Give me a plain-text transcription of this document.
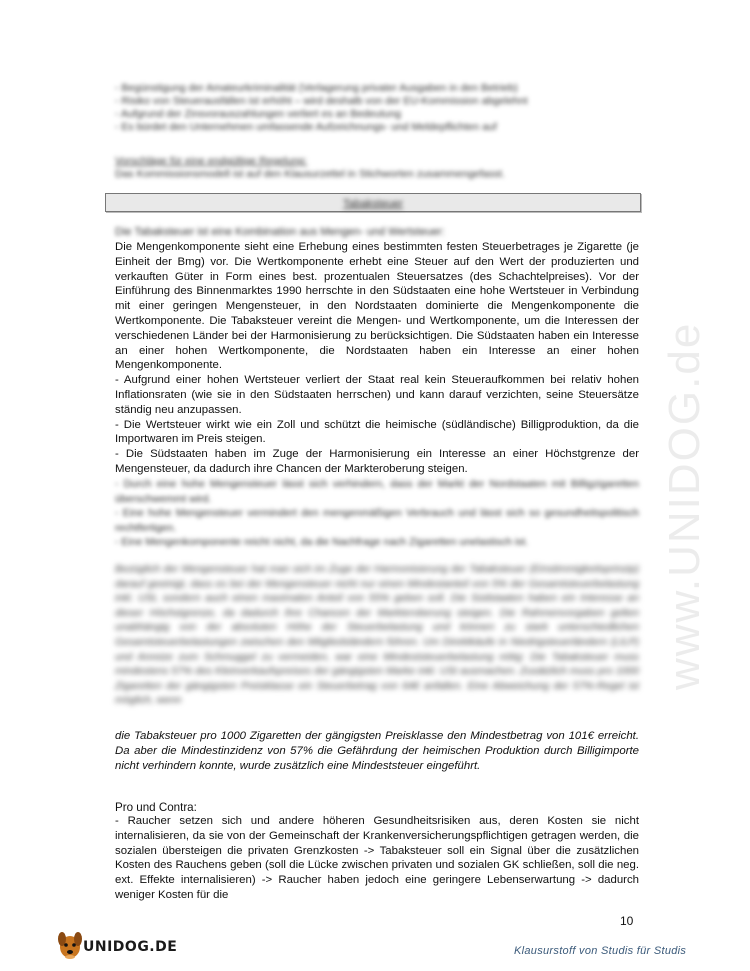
www.UNIDOG.de
- Begünstigung der Amateurkriminalität (Verlagerung privater Ausgaben in den Betrieb)
- Risiko von Steuerausfällen ist erhöht – wird deshalb von der EU-Kommission abgelehnt
- Aufgrund der Zinsvorauszahlungen verliert es an Bedeutung
- Es bürdet den Unternehmen umfassende Aufzeichnungs- und Meldepflichten auf
Vorschläge für eine endgültige Regelung:
Das Kommissionsmodell ist auf den Klausurzettel in Stichworten zusammengefasst.
Tabaksteuer
Die Tabaksteuer ist eine Kombination aus Mengen- und Wertsteuer:

Die Mengenkomponente sieht eine Erhebung eines bestimmten festen Steuerbetrages je Zigarette (je Einheit der Bmg) vor. Die Wertkomponente erhebt eine Steuer auf den Wert der produzierten und verkauften Güter in Form eines best. prozentualen Steuersatzes (des Schachtelpreises). Vor der Einführung des Binnenmarktes 1990 herrschte in den Südstaaten eine hohe Wertsteuer in Verbindung mit einer geringen Mengensteuer, in den Nordstaaten dominierte die Mengenkomponente die Wertkomponente. Die Tabaksteuer vereint die Mengen- und Wertkomponente, um die Interessen der verschiedenen Länder bei der Harmonisierung zu berücksichtigen. Die Südstaaten haben ein Interesse an einer hohen Wertkomponente, die Nordstaaten haben ein Interesse an einer hohen Mengenkomponente.

- Aufgrund einer hohen Wertsteuer verliert der Staat real kein Steueraufkommen bei relativ hohen Inflationsraten (wie sie in den Südstaaten herrschen) und kann darauf verzichten, seine Steuersätze ständig neu anzupassen.

- Die Wertsteuer wirkt wie ein Zoll und schützt die heimische (südländische) Billigproduktion, da die Importwaren im Preis steigen.

- Die Südstaaten haben im Zuge der Harmonisierung ein Interesse an einer Höchstgrenze der Mengensteuer, da dadurch ihre Chancen der Markteroberung steigen.

- Durch eine hohe Mengensteuer lässt sich verhindern, dass der Markt der Nordstaaten mit Billigzigaretten überschwemmt wird.
- Eine hohe Mengensteuer vermindert den mengenmäßigen Verbrauch und lässt sich so gesundheitspolitisch rechtfertigen.
- Eine Mengenkomponente reicht nicht, da die Nachfrage nach Zigaretten unelastisch ist.
Bezüglich der Mengensteuer hat man sich im Zuge der Harmonisierung der Tabaksteuer (Einstimmigkeitsprinzip) darauf geeinigt, dass es bei der Mengensteuer nicht nur einen Mindestanteil von 5% der Gesamtsteuerbelastung inkl. USt, sondern auch einen maximalen Anteil von 55% geben soll. Die Südstaaten haben ein Interesse an dieser Höchstgrenze, da dadurch ihre Chancen der Markteroberung steigen. Die Rahmenvorgaben gelten unabhängig von der absoluten Höhe der Steuerbelastung und können zu stark unterschiedlichen Gesamtsteuerbelastungen zwischen den Mitgliedsländern führen. Um Direktkäufe in Niedrigsteuerländern (LILP) und Anreize zum Schmuggel zu vermeiden, war eine Mindeststeuerbelastung nötig: Die Tabaksteuer muss mindestens 57% des Kleinverkaufspreises der gängigsten Marke inkl. USt ausmachen. Zusätzlich muss pro 1000 Zigaretten der gängigsten Preisklasse ein Steuerbetrag von 64€ anfallen. Eine Abweichung der 57%-Regel ist möglich, wenn

die Tabaksteuer pro 1000 Zigaretten der gängigsten Preisklasse den Mindestbetrag von 101€ erreicht. Da aber die Mindestinzidenz von 57% die Gefährdung der heimischen Produktion durch Billigimporte nicht verhindern konnte, wurde zusätzlich eine Mindeststeuer eingeführt.

Pro und Contra:

- Raucher setzen sich und andere höheren Gesundheitsrisiken aus, deren Kosten sie nicht internalisieren, da sie von der Gemeinschaft der Krankenversicherungspflichtigen getragen werden, die sozialen übersteigen die privaten Grenzkosten -> Tabaksteuer soll ein Signal über die zusätzlichen Kosten des Rauchens geben (soll die Lücke zwischen privaten und sozialen GK schließen, soll die neg. ext. Effekte internalisieren) -> Raucher haben jedoch eine geringere Lebenserwartung -> dadurch weniger Kosten für die

10
UNIDOG.DE	Klausurstoff von Studis für Studis
